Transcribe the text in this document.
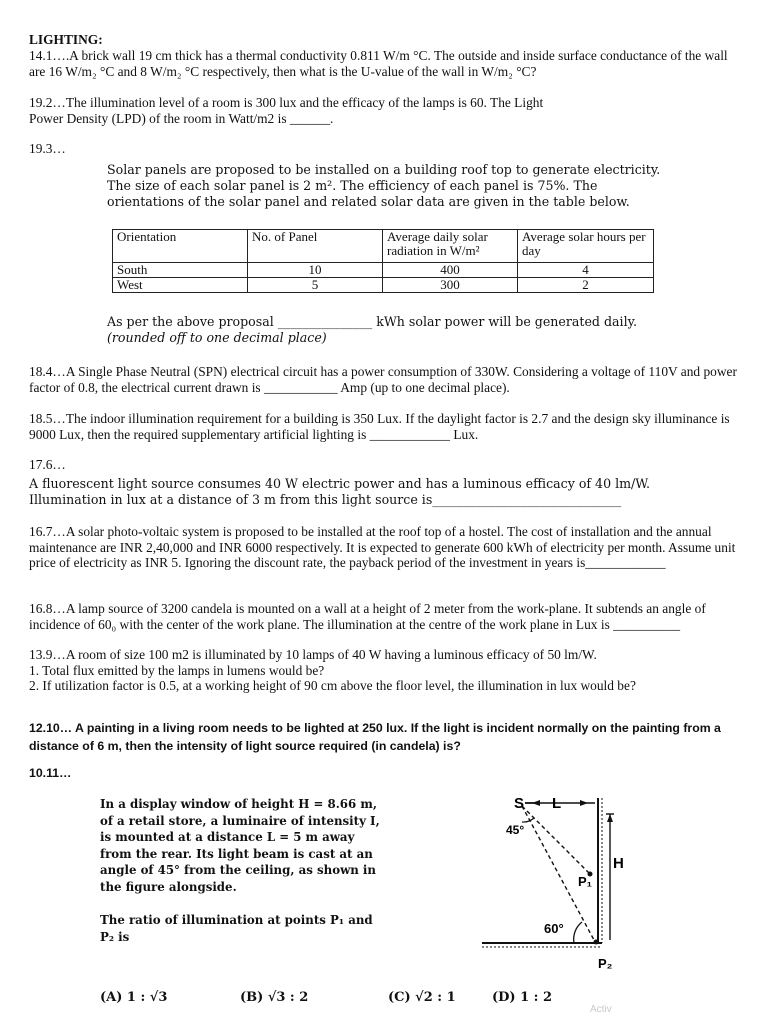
LIGHTING:
14.1….A brick wall 19 cm thick has a thermal conductivity 0.811 W/m °C. The outside and inside surface conductance of the wall are 16 W/m₂ °C and 8 W/m₂ °C respectively, then what is the U-value of the wall in W/m₂ °C?

19.2…The illumination level of a room is 300 lux and the efficacy of the lamps is 60. The Light

Power Density (LPD) of the room in Watt/m2 is ______.

19.3…
Solar panels are proposed to be installed on a building roof top to generate electricity. The size of each solar panel is 2 m². The efficiency of each panel is 75%. The orientations of the solar panel and related solar data are given in the table below.
Orientation	No. of Panel	Average daily solar radiation in W/m²	Average solar hours per day
South	10	400	4
West	5	300	2

As per the above proposal _______________ kWh solar power will be generated daily.

(rounded off to one decimal place)

18.4…A Single Phase Neutral (SPN) electrical circuit has a power consumption of 330W. Considering a voltage of 110V and power factor of 0.8, the electrical current drawn is ___________ Amp (up to one decimal place).
18.5…The indoor illumination requirement for a building is 350 Lux. If the daylight factor is 2.7 and the design sky illuminance is 9000 Lux, then the required supplementary artificial lighting is ____________ Lux.
17.6…

A fluorescent light source consumes 40 W electric power and has a luminous efficacy of 40 lm/W.

Illumination in lux at a distance of 3 m from this light source is______________________________

16.7…A solar photo-voltaic system is proposed to be installed at the roof top of a hostel. The cost of installation and the annual maintenance are INR 2,40,000 and INR 6000 respectively. It is expected to generate 600 kWh of electricity per month. Assume unit price of electricity as INR 5. Ignoring the discount rate, the payback period of the investment in years is____________
16.8…A lamp source of 3200 candela is mounted on a wall at a height of 2 meter from the work-plane. It subtends an angle of incidence of 60₀ with the center of the work plane. The illumination at the centre of the work plane in Lux is __________

13.9…A room of size 100 m2 is illuminated by 10 lamps of 40 W having a luminous efficacy of 50 lm/W.

1. Total flux emitted by the lamps in lumens would be?

2. If utilization factor is 0.5, at a working height of 90 cm above the floor level, the illumination in lux would be?

12.10… A painting in a living room needs to be lighted at 250 lux. If the light is incident normally on the painting from a distance of 6 m, then the intensity of light source required (in candela) is?
10.11…
In a display window of height H = 8.66 m, of a retail store, a luminaire of intensity I, is mounted at a distance L = 5 m away from the rear. Its light beam is cast at an angle of 45° from the ceiling, as shown in the figure alongside.
The ratio of illumination at points P₁ and P₂ is
(A) 1 : √3	(B) √3 : 2	(C) √2 : 1	(D) 1 : 2
S L
45°
H
P₁
60°
P₂
Activ
